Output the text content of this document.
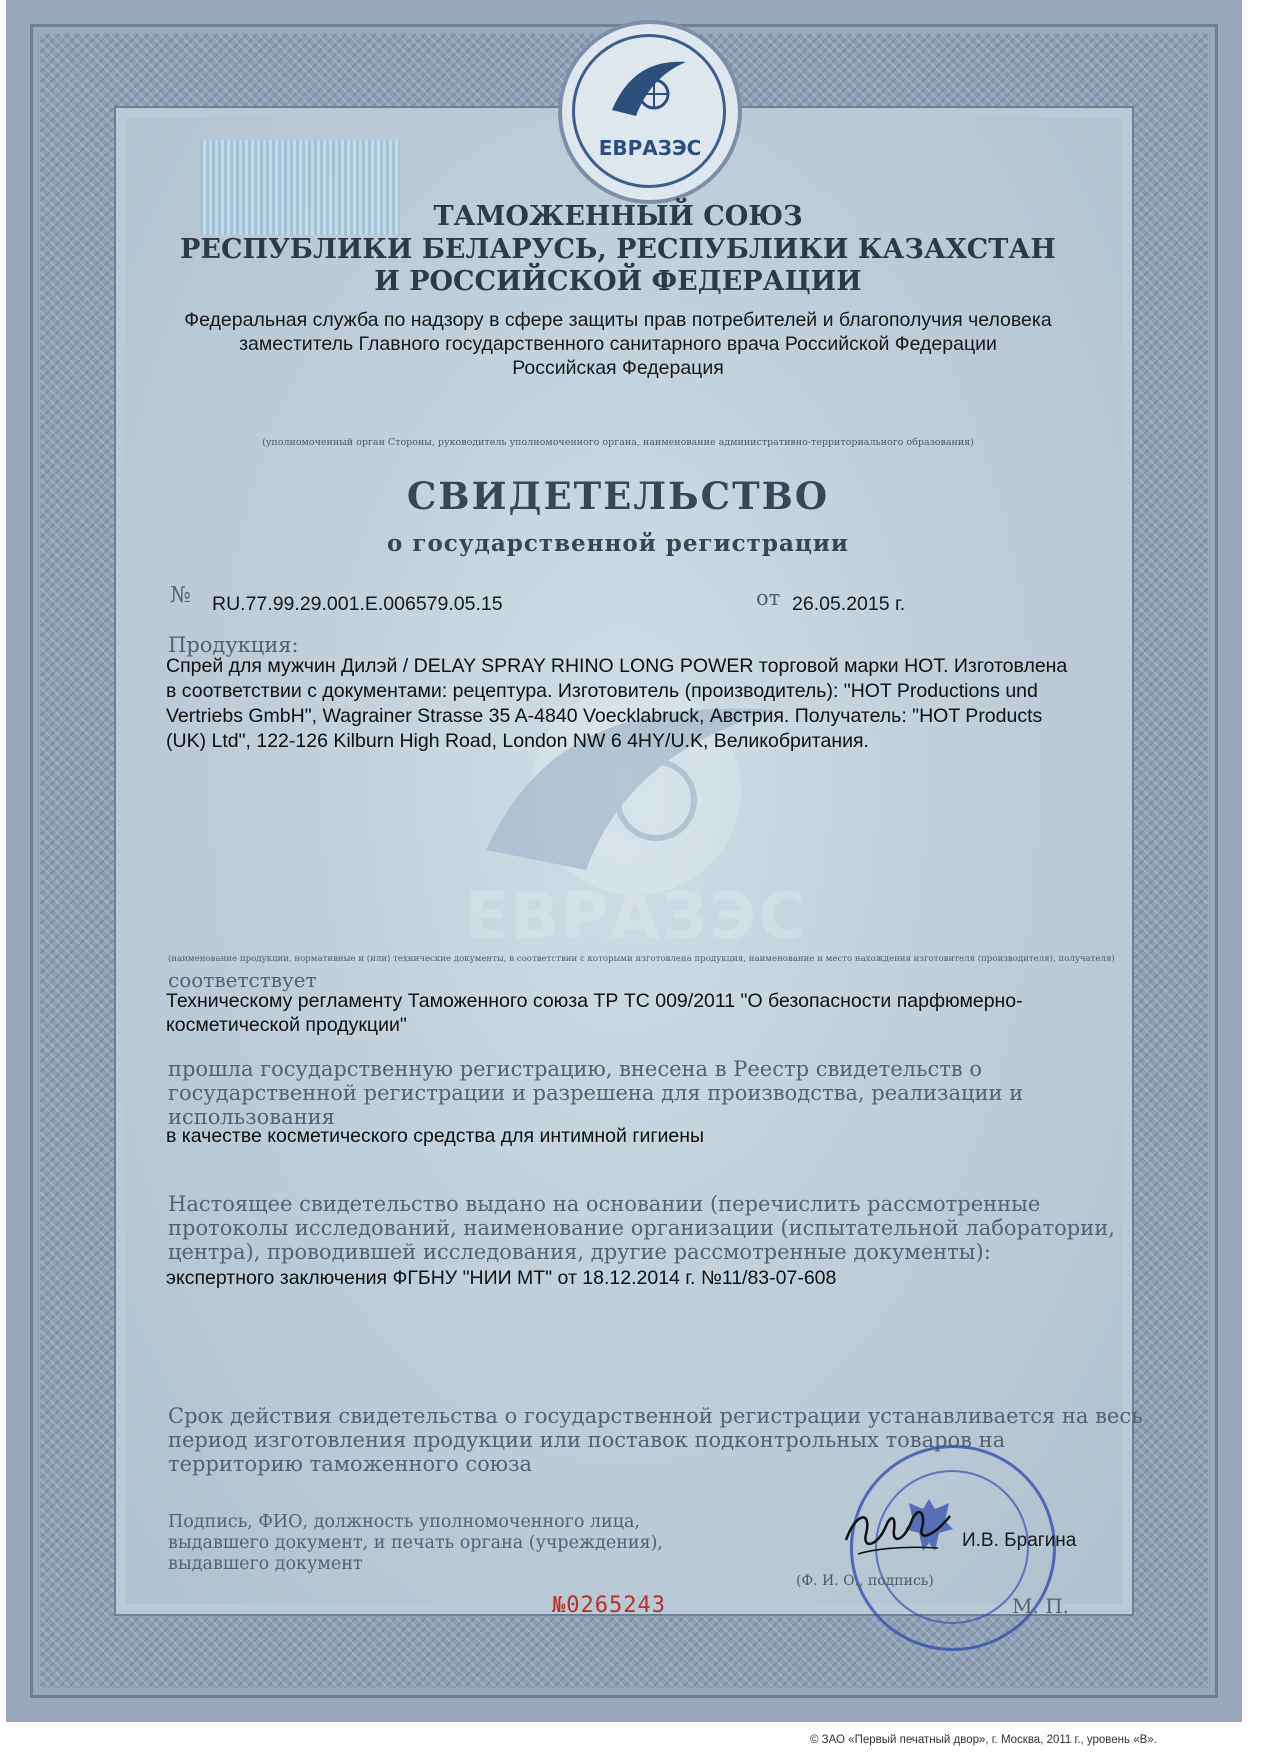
ЕВРАЗЭС
ЕВРАЗЭС
ТАМОЖЕННЫЙ СОЮЗ
РЕСПУБЛИКИ БЕЛАРУСЬ, РЕСПУБЛИКИ КАЗАХСТАН
И РОССИЙСКОЙ ФЕДЕРАЦИИ
Федеральная служба по надзору в сфере защиты прав потребителей и благополучия человека
заместитель Главного государственного санитарного врача Российской Федерации
Российская Федерация
(уполномоченный орган Стороны, руководитель уполномоченного органа, наименование административно-территориального образования)
СВИДЕТЕЛЬСТВО
о государственной регистрации
№ RU.77.99.29.001.E.006579.05.15	от 26.05.2015 г.
Продукция:
Спрей для мужчин Дилэй / DELAY SPRAY RHINO LONG POWER торговой марки HOT. Изготовлена
в соответствии с документами: рецептура. Изготовитель (производитель): "HOT Productions und
Vertriebs GmbH", Wagrainer Strasse 35 A-4840 Voecklabruck, Австрия. Получатель: "HOT Products
(UK) Ltd", 122-126 Kilburn High Road, London NW 6 4HY/U.K, Великобритания.
(наименование продукции, нормативные и (или) технические документы, в соответствии с которыми изготовлена продукция, наименование и место нахождения изготовителя (производителя), получателя)
соответствует
Техническому регламенту Таможенного союза ТР ТС 009/2011 "О безопасности парфюмерно-
косметической продукции"
прошла государственную регистрацию, внесена в Реестр свидетельств о
государственной регистрации и разрешена для производства, реализации и
использования
в качестве косметического средства для интимной гигиены
Настоящее свидетельство выдано на основании (перечислить рассмотренные
протоколы исследований, наименование организации (испытательной лаборатории,
центра), проводившей исследования, другие рассмотренные документы):
экспертного заключения ФГБНУ "НИИ МТ" от 18.12.2014 г. №11/83-07-608
Срок действия свидетельства о государственной регистрации устанавливается на весь
период изготовления продукции или поставок подконтрольных товаров на
территорию таможенного союза
Подпись, ФИО, должность уполномоченного лица,
выдавшего документ, и печать органа (учреждения),
выдавшего документ
И.В. Брагина
(Ф. И. О., подпись)
М. П.
№0265243
© ЗАО «Первый печатный двор», г. Москва, 2011 г., уровень «В».
